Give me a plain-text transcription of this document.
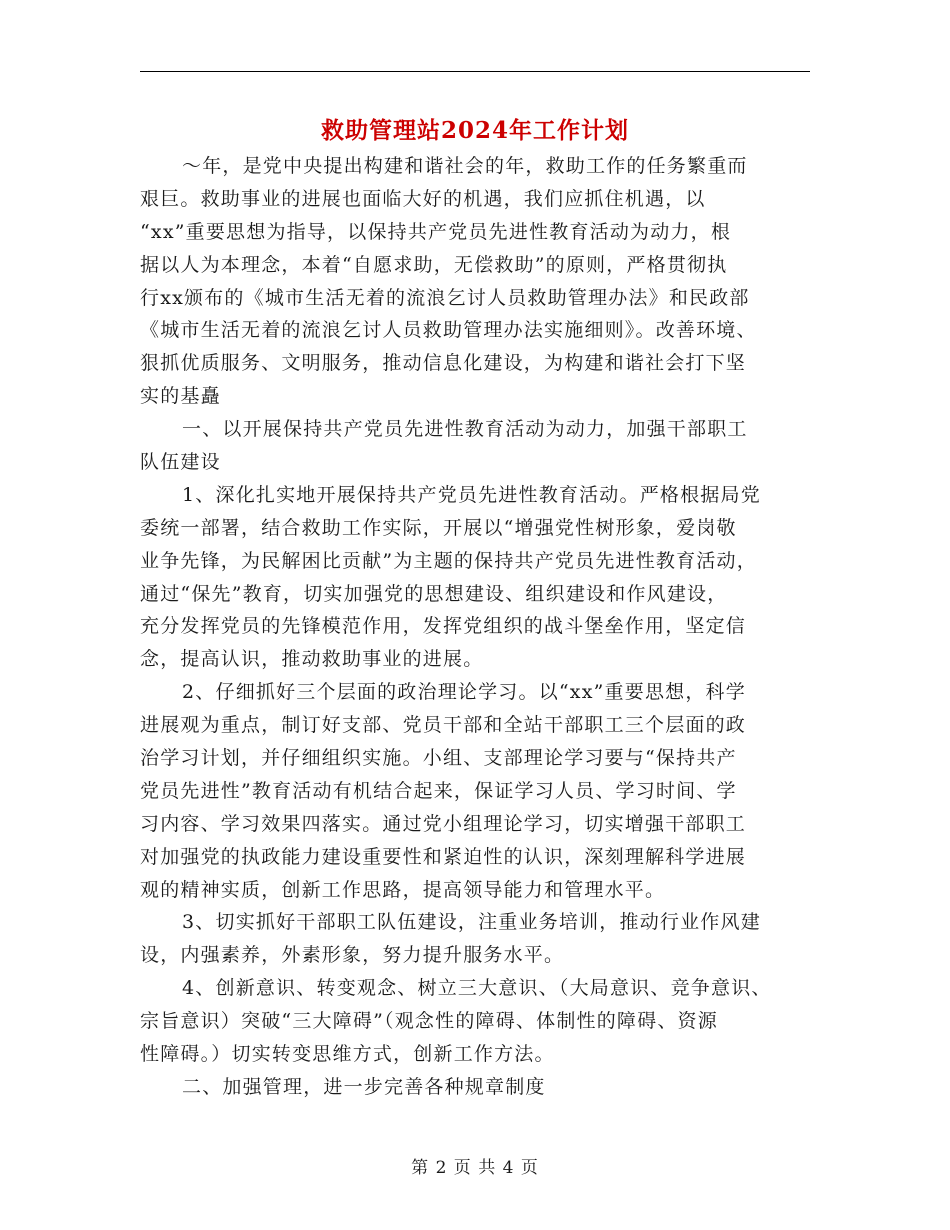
救助管理站2024年工作计划
～年，是党中央提出构建和谐社会的年，救助工作的任务繁重而
艰巨。救助事业的进展也面临大好的机遇，我们应抓住机遇，以
“xx”重要思想为指导，以保持共产党员先进性教育活动为动力，根
据以人为本理念，本着“自愿求助，无偿救助”的原则，严格贯彻执
行xx颁布的《城市生活无着的流浪乞讨人员救助管理办法》和民政部
《城市生活无着的流浪乞讨人员救助管理办法实施细则》。改善环境、
狠抓优质服务、文明服务，推动信息化建设，为构建和谐社会打下坚
实的基矗
一、以开展保持共产党员先进性教育活动为动力，加强干部职工
队伍建设
1、深化扎实地开展保持共产党员先进性教育活动。严格根据局党
委统一部署，结合救助工作实际，开展以“增强党性树形象，爱岗敬
业争先锋，为民解困比贡献”为主题的保持共产党员先进性教育活动，
通过“保先”教育，切实加强党的思想建设、组织建设和作风建设，
充分发挥党员的先锋模范作用，发挥党组织的战斗堡垒作用，坚定信
念，提高认识，推动救助事业的进展。
2、仔细抓好三个层面的政治理论学习。以“xx”重要思想，科学
进展观为重点，制订好支部、党员干部和全站干部职工三个层面的政
治学习计划，并仔细组织实施。小组、支部理论学习要与“保持共产
党员先进性”教育活动有机结合起来，保证学习人员、学习时间、学
习内容、学习效果四落实。通过党小组理论学习，切实增强干部职工
对加强党的执政能力建设重要性和紧迫性的认识，深刻理解科学进展
观的精神实质，创新工作思路，提高领导能力和管理水平。
3、切实抓好干部职工队伍建设，注重业务培训，推动行业作风建
设，内强素养，外素形象，努力提升服务水平。
4、创新意识、转变观念、树立三大意识、（大局意识、竞争意识、
宗旨意识）突破“三大障碍”（观念性的障碍、体制性的障碍、资源
性障碍。）切实转变思维方式，创新工作方法。
二、加强管理，进一步完善各种规章制度
第 2 页 共 4 页
